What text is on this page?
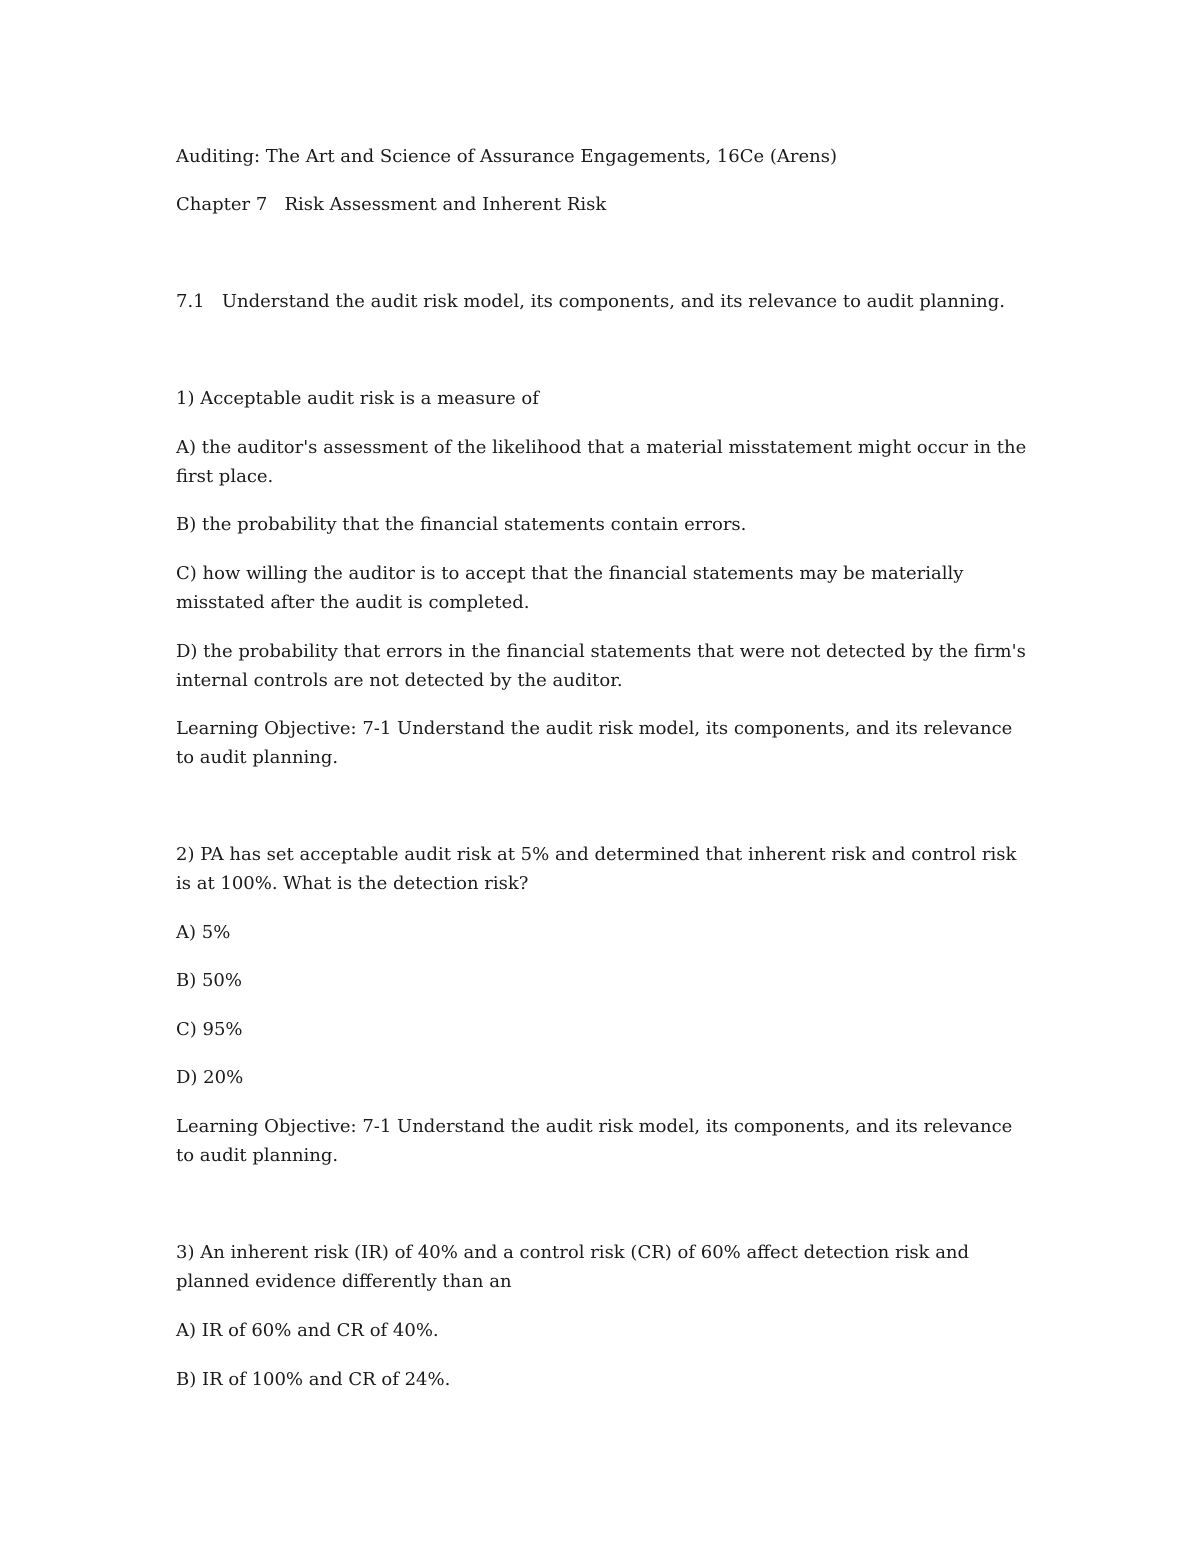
Auditing: The Art and Science of Assurance Engagements, 16Ce (Arens)

Chapter 7 Risk Assessment and Inherent Risk

7.1 Understand the audit risk model, its components, and its relevance to audit planning.

1) Acceptable audit risk is a measure of

A) the auditor's assessment of the likelihood that a material misstatement might occur in the first place.

B) the probability that the financial statements contain errors.

C) how willing the auditor is to accept that the financial statements may be materially misstated after the audit is completed.

D) the probability that errors in the financial statements that were not detected by the firm's internal controls are not detected by the auditor.

Learning Objective: 7-1 Understand the audit risk model, its components, and its relevance to audit planning.

2) PA has set acceptable audit risk at 5% and determined that inherent risk and control risk is at 100%. What is the detection risk?

A) 5%

B) 50%

C) 95%

D) 20%

Learning Objective: 7-1 Understand the audit risk model, its components, and its relevance to audit planning.

3) An inherent risk (IR) of 40% and a control risk (CR) of 60% affect detection risk and planned evidence differently than an

A) IR of 60% and CR of 40%.

B) IR of 100% and CR of 24%.
